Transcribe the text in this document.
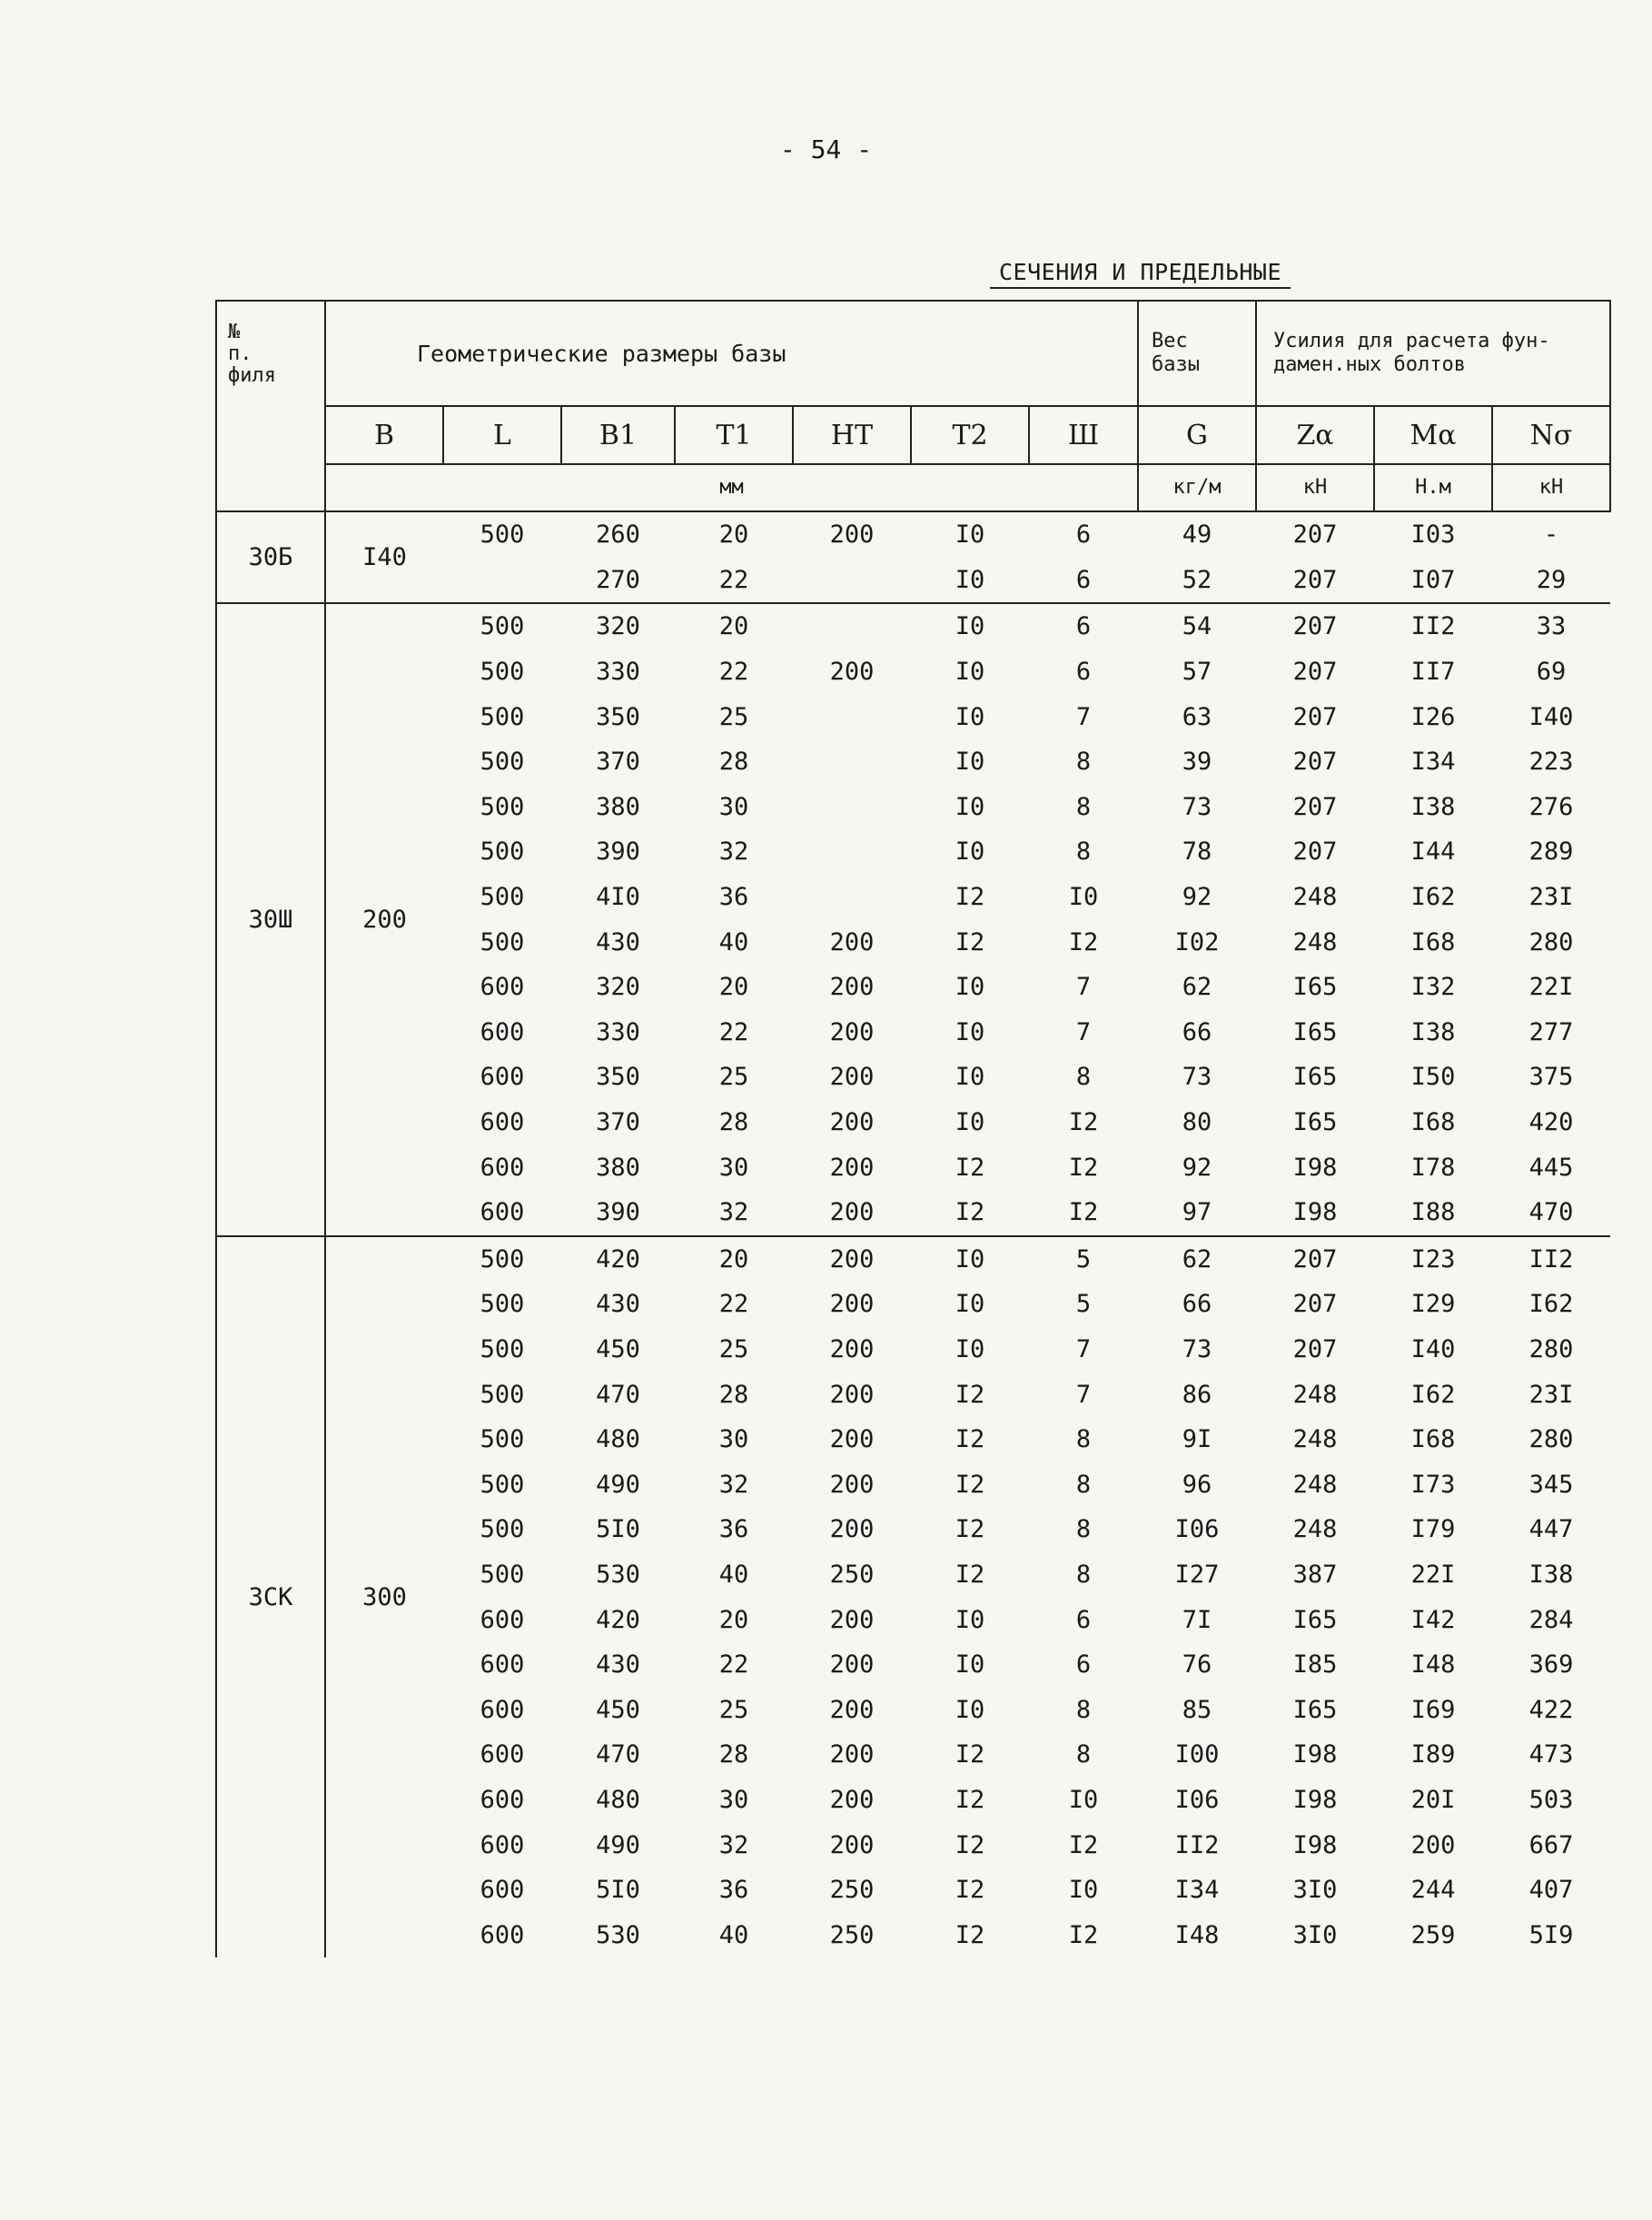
- 54 -
СЕЧЕНИЯ И ПРЕДЕЛЬНЫЕ
№
п.
филя	Геометрические размеры базы							Вес
базы	Усилия для расчета фун-
дамен.ных болтов		
	B	L	B1	T1	HT	T2	Ш	G	Zα	Mα	Nσ
	мм							кг/м	кН	Н.м	кН
30Б	I40	500	260	20	200	I0	6	49	207	I03	-
			270	22		I0	6	52	207	I07	29
30Ш	200	500	320	20		I0	6	54	207	II2	33
		500	330	22	200	I0	6	57	207	II7	69
		500	350	25		I0	7	63	207	I26	I40
		500	370	28		I0	8	39	207	I34	223
		500	380	30		I0	8	73	207	I38	276
		500	390	32		I0	8	78	207	I44	289
		500	4I0	36		I2	I0	92	248	I62	23I
		500	430	40	200	I2	I2	I02	248	I68	280
		600	320	20	200	I0	7	62	I65	I32	22I
		600	330	22	200	I0	7	66	I65	I38	277
		600	350	25	200	I0	8	73	I65	I50	375
		600	370	28	200	I0	I2	80	I65	I68	420
		600	380	30	200	I2	I2	92	I98	I78	445
		600	390	32	200	I2	I2	97	I98	I88	470
3СК	300	500	420	20	200	I0	5	62	207	I23	II2
		500	430	22	200	I0	5	66	207	I29	I62
		500	450	25	200	I0	7	73	207	I40	280
		500	470	28	200	I2	7	86	248	I62	23I
		500	480	30	200	I2	8	9I	248	I68	280
		500	490	32	200	I2	8	96	248	I73	345
		500	5I0	36	200	I2	8	I06	248	I79	447
		500	530	40	250	I2	8	I27	387	22I	I38
		600	420	20	200	I0	6	7I	I65	I42	284
		600	430	22	200	I0	6	76	I85	I48	369
		600	450	25	200	I0	8	85	I65	I69	422
		600	470	28	200	I2	8	I00	I98	I89	473
		600	480	30	200	I2	I0	I06	I98	20I	503
		600	490	32	200	I2	I2	II2	I98	200	667
		600	5I0	36	250	I2	I0	I34	3I0	244	407
		600	530	40	250	I2	I2	I48	3I0	259	5I9
